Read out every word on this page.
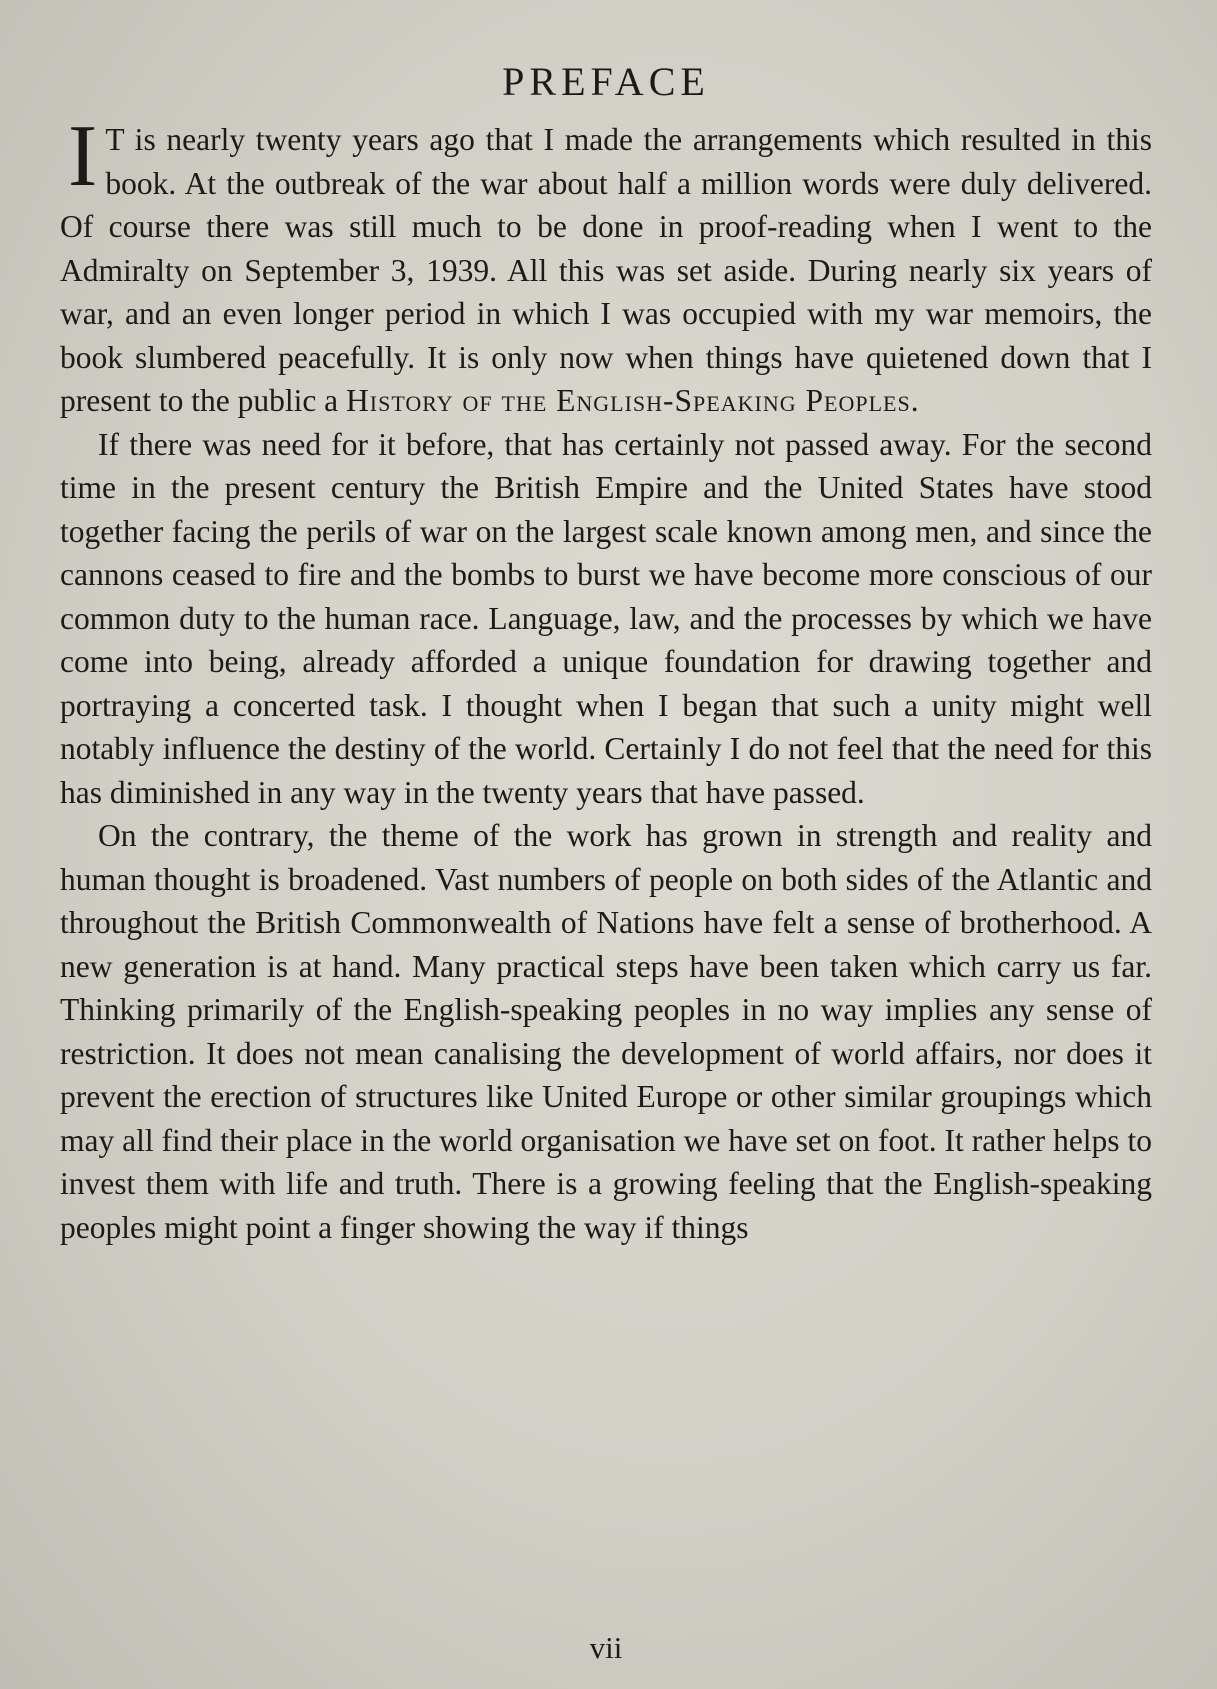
PREFACE

I T is nearly twenty years ago that I made the arrangements which resulted in this book. At the outbreak of the war about half a million words were duly delivered. Of course there was still much to be done in proof-reading when I went to the Admiralty on September 3, 1939. All this was set aside. During nearly six years of war, and an even longer period in which I was occupied with my war memoirs, the book slumbered peacefully. It is only now when things have quietened down that I present to the public a History of the English-Speaking Peoples.

If there was need for it before, that has certainly not passed away. For the second time in the present century the British Empire and the United States have stood together facing the perils of war on the largest scale known among men, and since the cannons ceased to fire and the bombs to burst we have become more conscious of our common duty to the human race. Language, law, and the processes by which we have come into being, already afforded a unique foundation for drawing together and portraying a concerted task. I thought when I began that such a unity might well notably influence the destiny of the world. Certainly I do not feel that the need for this has diminished in any way in the twenty years that have passed.

On the contrary, the theme of the work has grown in strength and reality and human thought is broadened. Vast numbers of people on both sides of the Atlantic and throughout the British Commonwealth of Nations have felt a sense of brotherhood. A new generation is at hand. Many practical steps have been taken which carry us far. Thinking primarily of the English-speaking peoples in no way implies any sense of restriction. It does not mean canalising the development of world affairs, nor does it prevent the erection of structures like United Europe or other similar groupings which may all find their place in the world organisation we have set on foot. It rather helps to invest them with life and truth. There is a growing feeling that the English-speaking peoples might point a finger showing the way if things

vii
